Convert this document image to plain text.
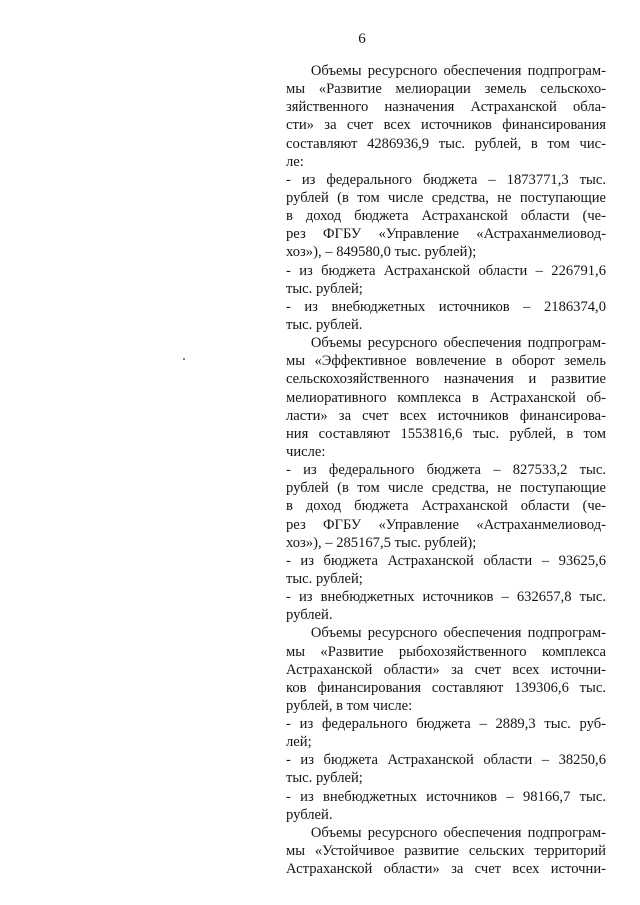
6
Объемы ресурсного обеспечения подпрограм-
мы «Развитие мелиорации земель сельскохо-
зяйственного назначения Астраханской обла-
сти» за счет всех источников финансирования
составляют 4286936,9 тыс. рублей, в том чис-
ле:
- из федерального бюджета – 1873771,3 тыс.
рублей (в том числе средства, не поступающие
в доход бюджета Астраханской области (че-
рез ФГБУ «Управление «Астраханмелиовод-
хоз»), – 849580,0 тыс. рублей);
- из бюджета Астраханской области – 226791,6
тыс. рублей;
- из внебюджетных источников – 2186374,0
тыс. рублей.
Объемы ресурсного обеспечения подпрограм-
мы «Эффективное вовлечение в оборот земель
сельскохозяйственного назначения и развитие
мелиоративного комплекса в Астраханской об-
ласти» за счет всех источников финансирова-
ния составляют 1553816,6 тыс. рублей, в том
числе:
- из федерального бюджета – 827533,2 тыс.
рублей (в том числе средства, не поступающие
в доход бюджета Астраханской области (че-
рез ФГБУ «Управление «Астраханмелиовод-
хоз»), – 285167,5 тыс. рублей);
- из бюджета Астраханской области – 93625,6
тыс. рублей;
- из внебюджетных источников – 632657,8 тыс.
рублей.
Объемы ресурсного обеспечения подпрограм-
мы «Развитие рыбохозяйственного комплекса
Астраханской области» за счет всех источни-
ков финансирования составляют 139306,6 тыс.
рублей, в том числе:
- из федерального бюджета – 2889,3 тыс. руб-
лей;
- из бюджета Астраханской области – 38250,6
тыс. рублей;
- из внебюджетных источников – 98166,7 тыс.
рублей.
Объемы ресурсного обеспечения подпрограм-
мы «Устойчивое развитие сельских территорий
Астраханской области» за счет всех источни-
